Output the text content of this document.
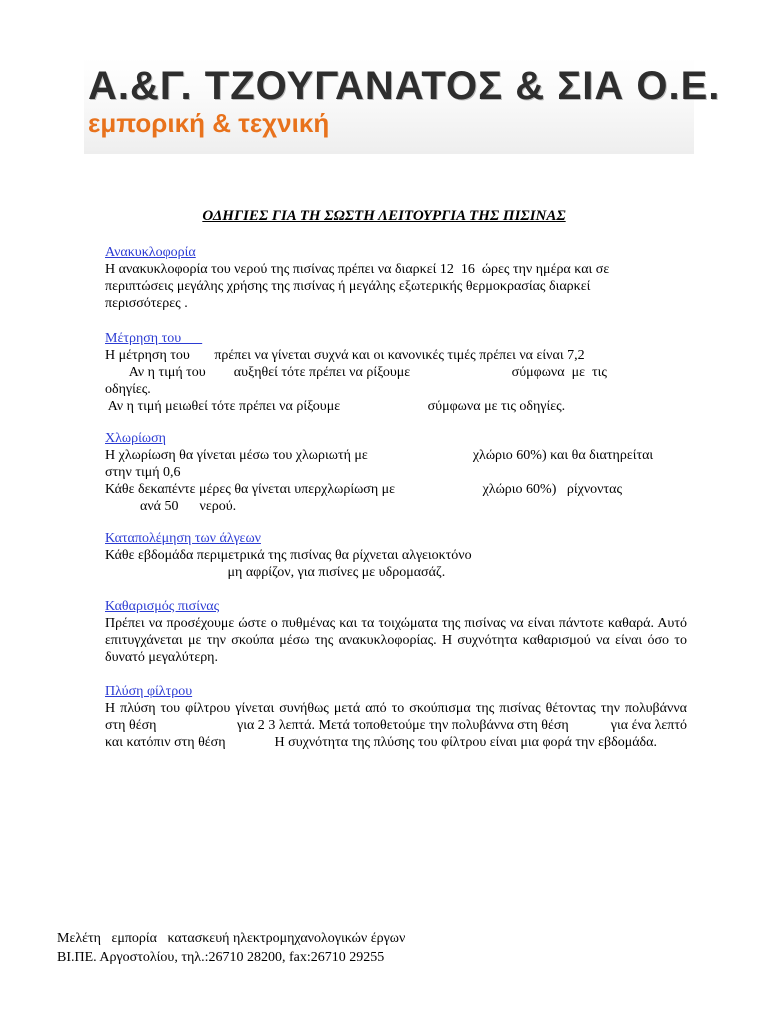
Α.&Γ. ΤΖΟΥΓΑΝΑΤΟΣ & ΣΙΑ Ο.Ε.
εμπορική & τεχνική
ΟΔΗΓΙΕΣ ΓΙΑ ΤΗ ΣΩΣΤΗ ΛΕΙΤΟΥΡΓΙΑ ΤΗΣ ΠΙΣΙΝΑΣ
Ανακυκλοφορία
Η ανακυκλοφορία του νερού της πισίνας πρέπει να διαρκεί 12  16  ώρες την ημέρα και σε
περιπτώσεις μεγάλης χρήσης της πισίνας ή μεγάλης εξωτερικής θερμοκρασίας διαρκεί
περισσότερες .
Μέτρηση του
Η μέτρηση του       πρέπει να γίνεται συχνά και οι κανονικές τιμές πρέπει να είναι 7,2
Αν η τιμή του        αυξηθεί τότε πρέπει να ρίξουμε                             σύμφωνα  με  τις
οδηγίες.
Αν η τιμή μειωθεί τότε πρέπει να ρίξουμε                         σύμφωνα με τις οδηγίες.
Χλωρίωση
Η χλωρίωση θα γίνεται μέσω του χλωριωτή με                              χλώριο 60%) και θα διατηρείται
στην τιμή 0,6
Κάθε δεκαπέντε μέρες θα γίνεται υπερχλωρίωση με                         χλώριο 60%)   ρίχνοντας
ανά 50      νερού.
Καταπολέμηση των άλγεων
Κάθε εβδομάδα περιμετρικά της πισίνας θα ρίχνεται αλγειοκτόνο
μη αφρίζον, για πισίνες με υδρομασάζ.
Καθαρισμός πισίνας
Πρέπει να προσέχουμε ώστε ο πυθμένας και τα τοιχώματα της πισίνας να είναι πάντοτε καθαρά. Αυτό επιτυγχάνεται με την σκούπα μέσω της ανακυκλοφορίας. Η συχνότητα καθαρισμού να είναι όσο το δυνατό μεγαλύτερη.
Πλύση φίλτρου
Η πλύση του φίλτρου γίνεται συνήθως μετά από το σκούπισμα της πισίνας θέτοντας την πολυβάννα στη θέση                       για 2 3 λεπτά. Μετά τοποθετούμε την πολυβάννα στη θέση            για ένα λεπτό και κατόπιν στη θέση              Η συχνότητα της πλύσης του φίλτρου είναι μια φορά την εβδομάδα.
Μελέτη   εμπορία   κατασκευή ηλεκτρομηχανολογικών έργων
ΒΙ.ΠΕ. Αργοστολίου, τηλ.:26710 28200, fax:26710 29255
